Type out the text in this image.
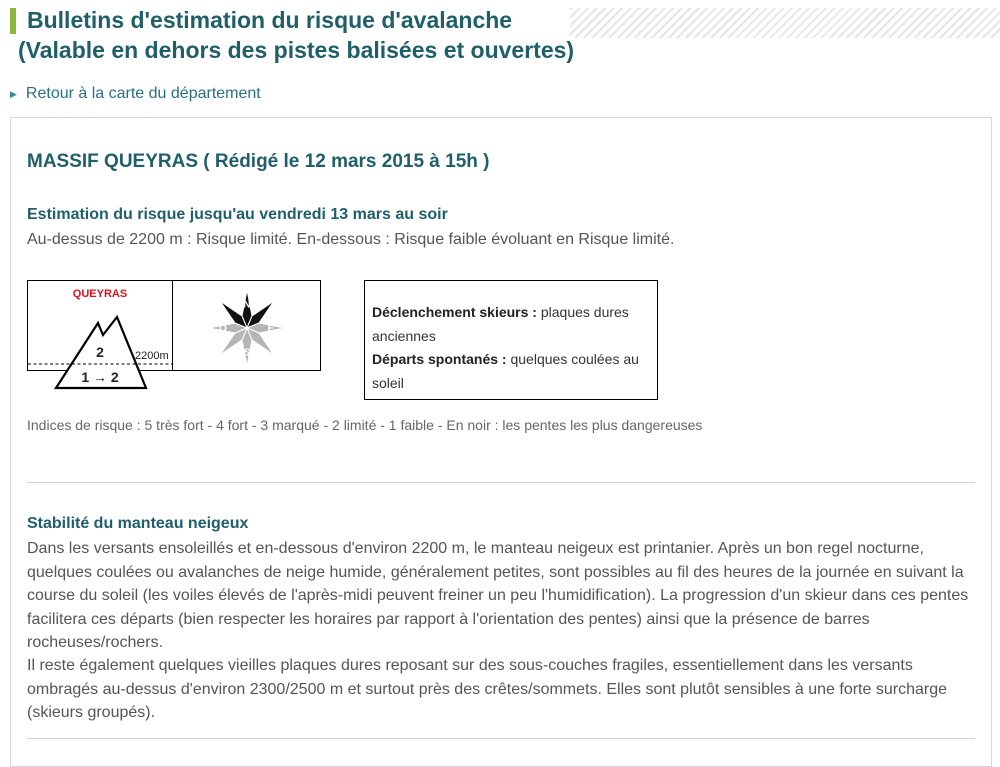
Bulletins d'estimation du risque d'avalanche
(Valable en dehors des pistes balisées et ouvertes)
▶ Retour à la carte du département
MASSIF QUEYRAS ( Rédigé le 12 mars 2015 à 15h )
Estimation du risque jusqu'au vendredi 13 mars au soir

Au-dessus de 2200 m : Risque limité. En-dessous : Risque faible évoluant en Risque limité.

QUEYRAS
2
1 → 2
2200m
N
E
S
O

Déclenchement skieurs : plaques dures anciennes

Départs spontanés : quelques coulées au soleil

Indices de risque : 5 très fort - 4 fort - 3 marqué - 2 limité - 1 faible - En noir : les pentes les plus dangereuses
Stabilité du manteau neigeux

Dans les versants ensoleillés et en-dessous d'environ 2200 m, le manteau neigeux est printanier. Après un bon regel nocturne, quelques coulées ou avalanches de neige humide, généralement petites, sont possibles au fil des heures de la journée en suivant la course du soleil (les voiles élevés de l'après-midi peuvent freiner un peu l'humidification). La progression d'un skieur dans ces pentes facilitera ces départs (bien respecter les horaires par rapport à l'orientation des pentes) ainsi que la présence de barres rocheuses/rochers.

Il reste également quelques vieilles plaques dures reposant sur des sous-couches fragiles, essentiellement dans les versants ombragés au-dessus d'environ 2300/2500 m et surtout près des crêtes/sommets. Elles sont plutôt sensibles à une forte surcharge (skieurs groupés).
